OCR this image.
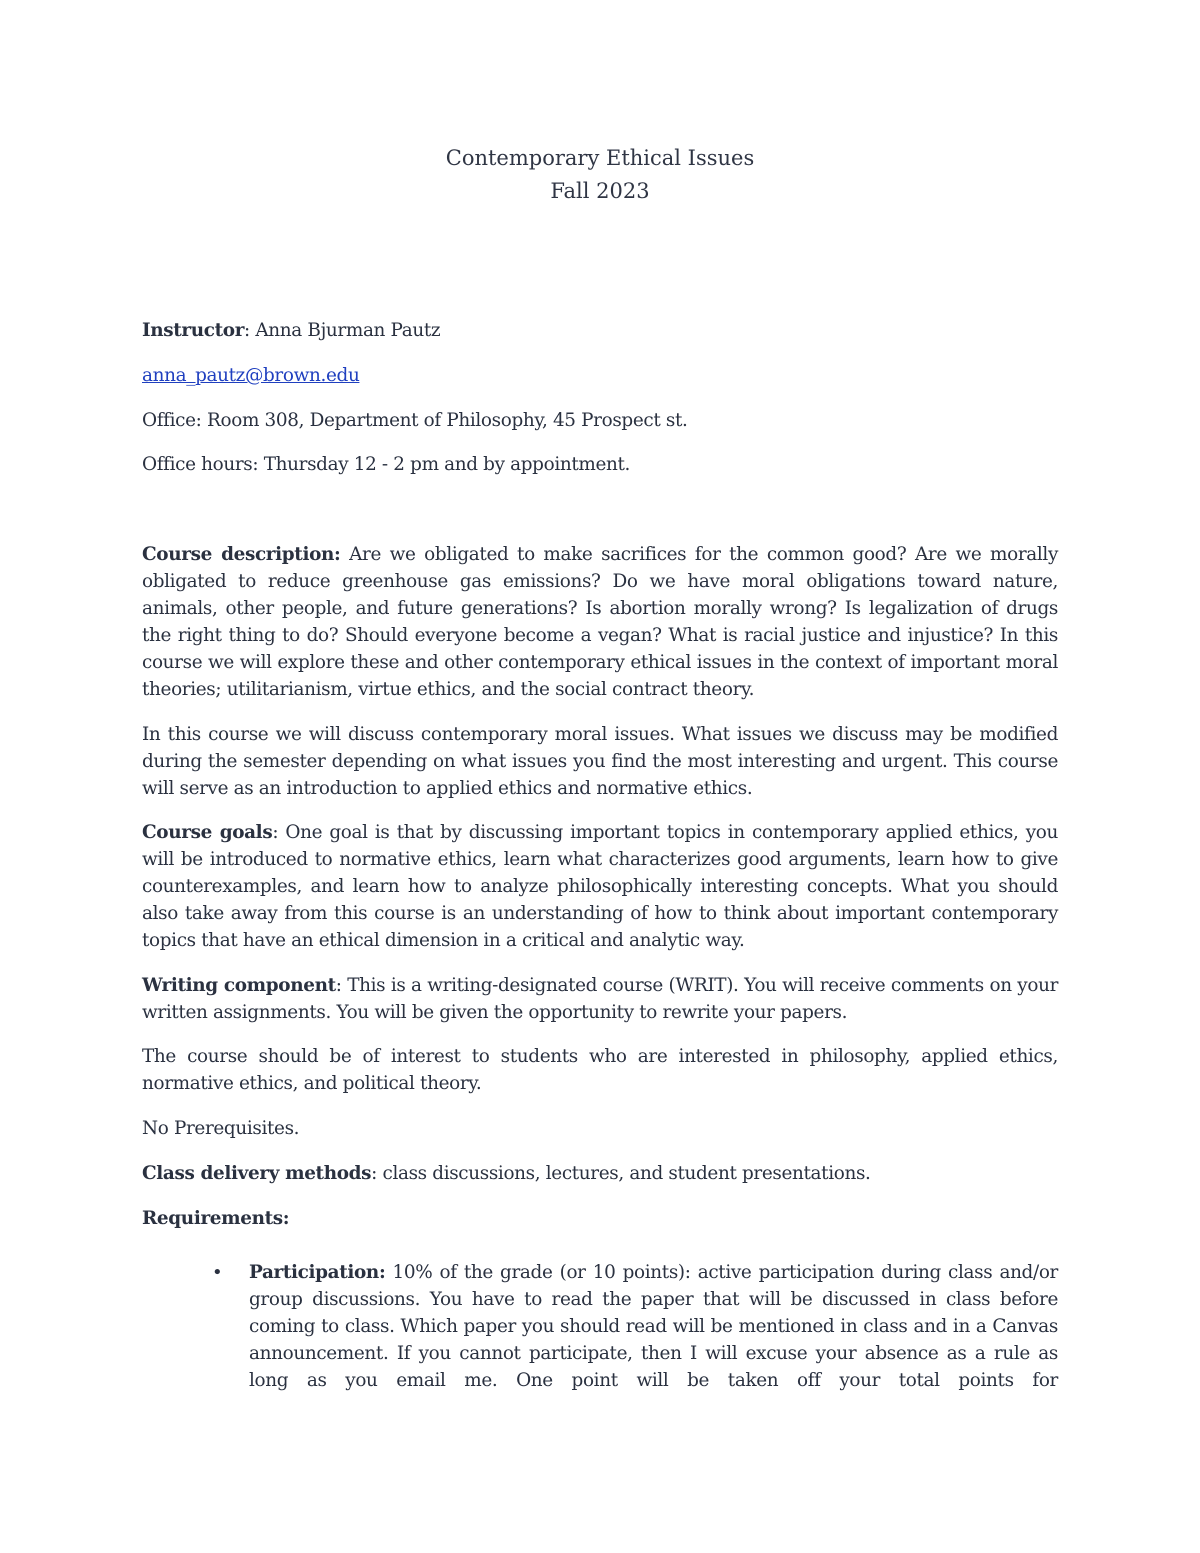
Contemporary Ethical Issues
Fall 2023

Instructor: Anna Bjurman Pautz

anna_pautz@brown.edu

Office: Room 308, Department of Philosophy, 45 Prospect st.

Office hours: Thursday 12 - 2 pm and by appointment.

Course description: Are we obligated to make sacrifices for the common good? Are we morally obligated to reduce greenhouse gas emissions? Do we have moral obligations toward nature, animals, other people, and future generations? Is abortion morally wrong? Is legalization of drugs the right thing to do? Should everyone become a vegan? What is racial justice and injustice? In this course we will explore these and other contemporary ethical issues in the context of important moral theories; utilitarianism, virtue ethics, and the social contract theory.

In this course we will discuss contemporary moral issues. What issues we discuss may be modified during the semester depending on what issues you find the most interesting and urgent. This course will serve as an introduction to applied ethics and normative ethics.

Course goals: One goal is that by discussing important topics in contemporary applied ethics, you will be introduced to normative ethics, learn what characterizes good arguments, learn how to give counterexamples, and learn how to analyze philosophically interesting concepts. What you should also take away from this course is an understanding of how to think about important contemporary topics that have an ethical dimension in a critical and analytic way.

Writing component: This is a writing-designated course (WRIT). You will receive comments on your written assignments. You will be given the opportunity to rewrite your papers.

The course should be of interest to students who are interested in philosophy, applied ethics, normative ethics, and political theory.

No Prerequisites.

Class delivery methods: class discussions, lectures, and student presentations.

Requirements:

• Participation: 10% of the grade (or 10 points): active participation during class and/or group discussions. You have to read the paper that will be discussed in class before coming to class. Which paper you should read will be mentioned in class and in a Canvas announcement. If you cannot participate, then I will excuse your absence as a rule as long as you email me. One point will be taken off your total points for
